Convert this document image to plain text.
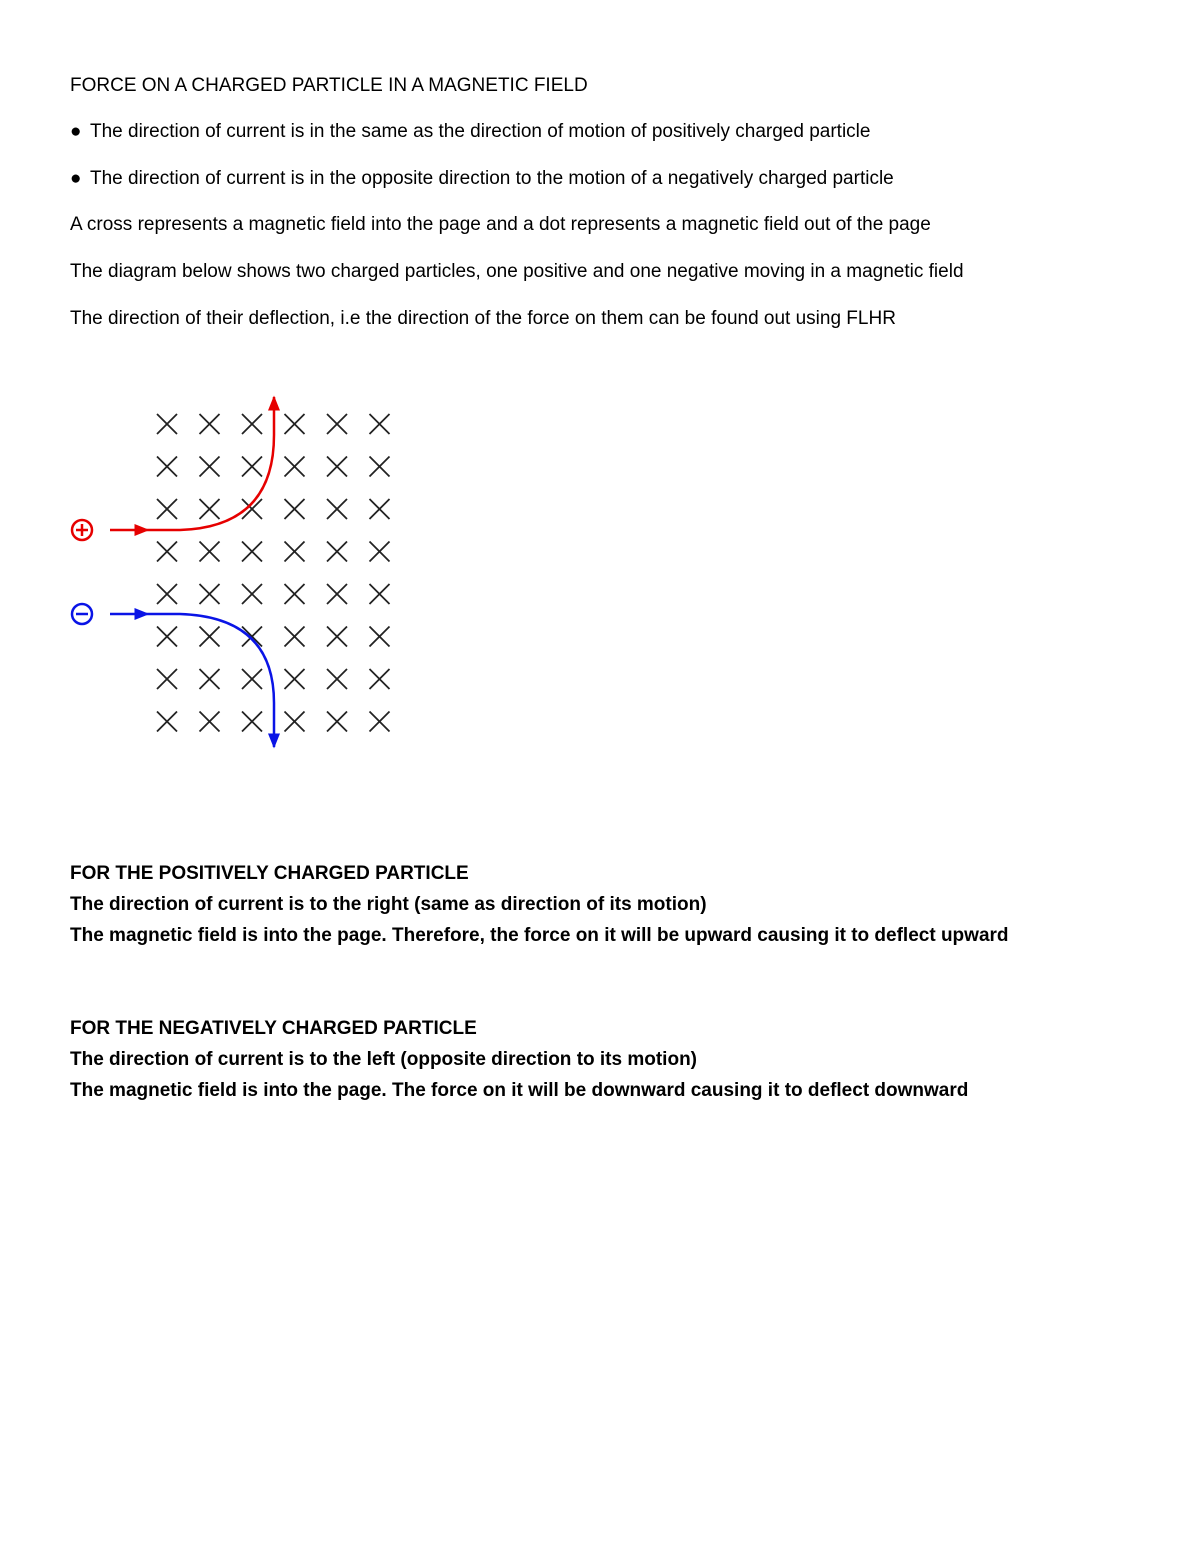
FORCE ON A CHARGED PARTICLE IN A MAGNETIC FIELD
● The direction of current is in the same as the direction of motion of positively charged particle
● The direction of current is in the opposite direction to the motion of a negatively charged particle
A cross represents a magnetic field into the page and a dot represents a magnetic field out of the page
The diagram below shows two charged particles, one positive and one negative moving in a magnetic field
The direction of their deflection, i.e the direction of the force on them can be found out using FLHR
FOR THE POSITIVELY CHARGED PARTICLE
The direction of current is to the right (same as direction of its motion)
The magnetic field is into the page. Therefore, the force on it will be upward causing it to deflect upward
FOR THE NEGATIVELY CHARGED PARTICLE
The direction of current is to the left (opposite direction to its motion)
The magnetic field is into the page. The force on it will be downward causing it to deflect downward
